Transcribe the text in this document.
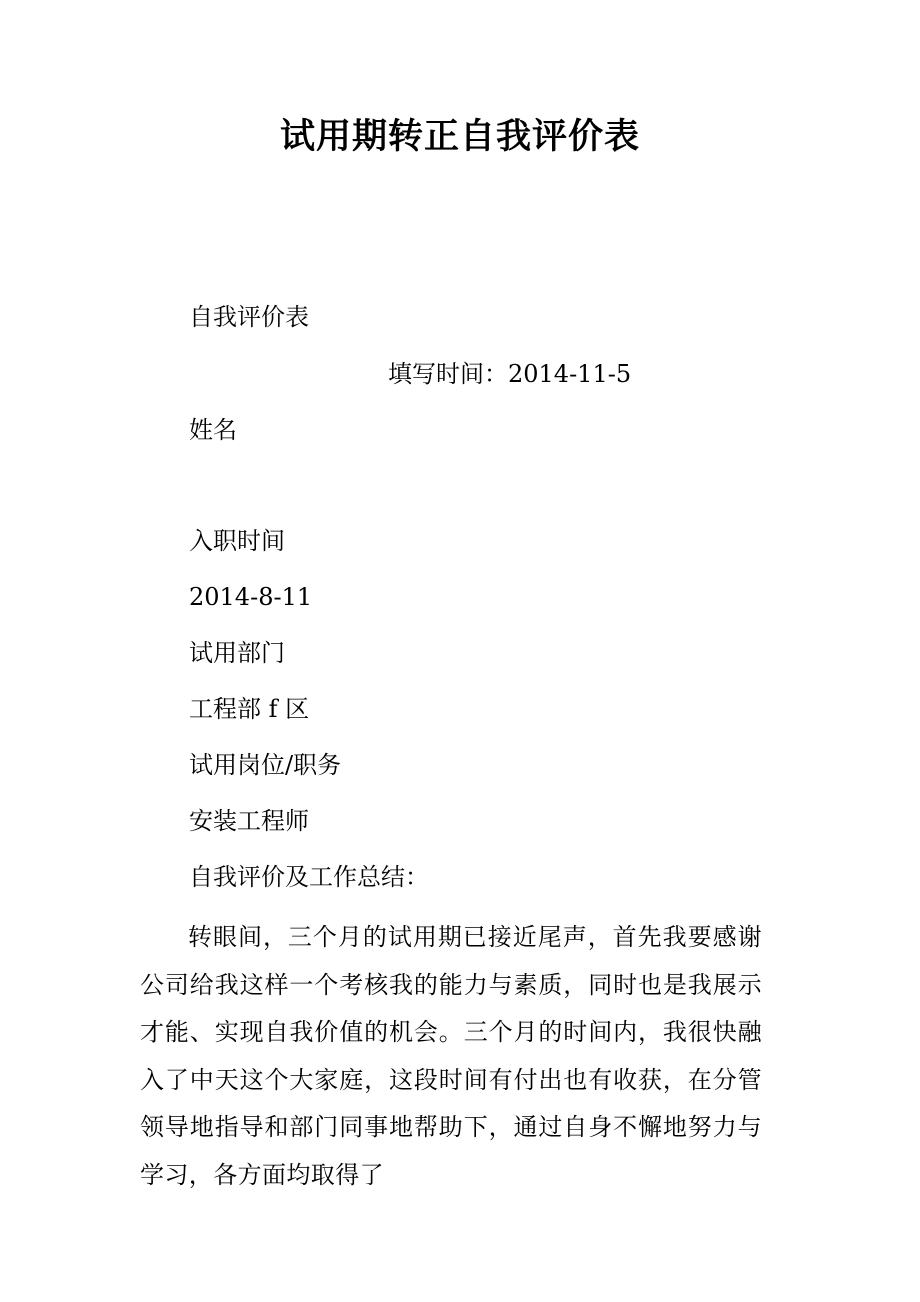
试用期转正自我评价表
自我评价表
填写时间：2014-11-5
姓名
入职时间
2014-8-11
试用部门
工程部 f 区
试用岗位/职务
安装工程师
自我评价及工作总结：
转眼间，三个月的试用期已接近尾声，首先我要感谢公司给我这样一个考核我的能力与素质，同时也是我展示才能、实现自我价值的机会。三个月的时间内，我很快融入了中天这个大家庭，这段时间有付出也有收获，在分管领导地指导和部门同事地帮助下，通过自身不懈地努力与学习，各方面均取得了
